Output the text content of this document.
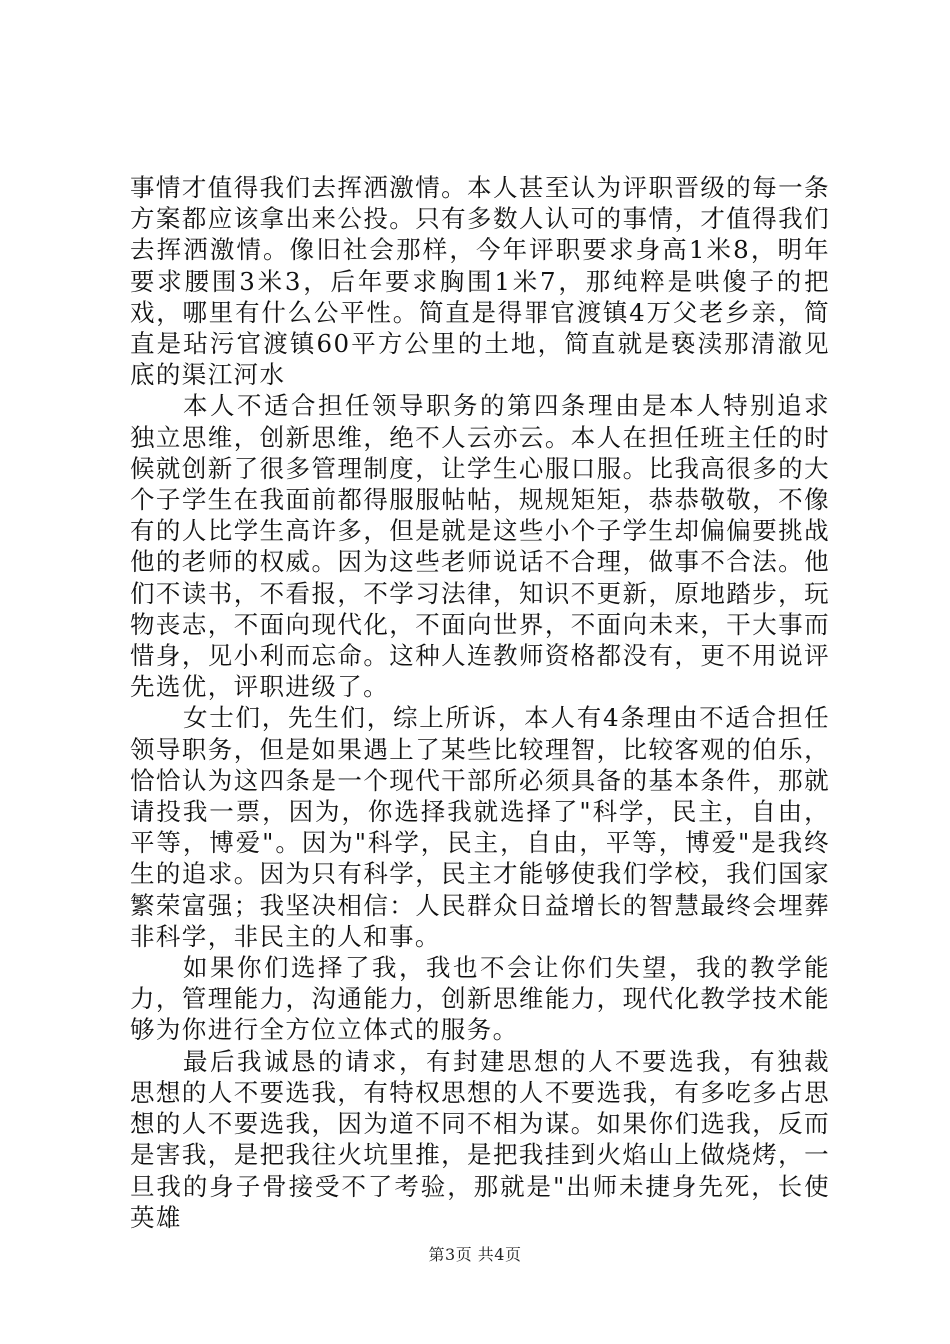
事情才值得我们去挥洒激情。本人甚至认为评职晋级的每一条方案都应该拿出来公投。只有多数人认可的事情，才值得我们去挥洒激情。像旧社会那样，今年评职要求身高1米8，明年要求腰围3米3，后年要求胸围1米7，那纯粹是哄傻子的把戏，哪里有什么公平性。简直是得罪官渡镇4万父老乡亲，简直是玷污官渡镇60平方公里的土地，简直就是亵渎那清澈见底的渠江河水

本人不适合担任领导职务的第四条理由是本人特别追求独立思维，创新思维，绝不人云亦云。本人在担任班主任的时候就创新了很多管理制度，让学生心服口服。比我高很多的大个子学生在我面前都得服服帖帖，规规矩矩，恭恭敬敬，不像有的人比学生高许多，但是就是这些小个子学生却偏偏要挑战他的老师的权威。因为这些老师说话不合理，做事不合法。他们不读书，不看报，不学习法律，知识不更新，原地踏步，玩物丧志，不面向现代化，不面向世界，不面向未来，干大事而惜身，见小利而忘命。这种人连教师资格都没有，更不用说评先选优，评职进级了。

女士们，先生们，综上所诉，本人有4条理由不适合担任领导职务，但是如果遇上了某些比较理智，比较客观的伯乐，恰恰认为这四条是一个现代干部所必须具备的基本条件，那就请投我一票，因为，你选择我就选择了"科学，民主，自由，平等，博爱"。因为"科学，民主，自由，平等，博爱"是我终生的追求。因为只有科学，民主才能够使我们学校，我们国家繁荣富强；我坚决相信：人民群众日益增长的智慧最终会埋葬非科学，非民主的人和事。

如果你们选择了我，我也不会让你们失望，我的教学能力，管理能力，沟通能力，创新思维能力，现代化教学技术能够为你进行全方位立体式的服务。

最后我诚恳的请求，有封建思想的人不要选我，有独裁思想的人不要选我，有特权思想的人不要选我，有多吃多占思想的人不要选我，因为道不同不相为谋。如果你们选我，反而是害我，是把我往火坑里推，是把我挂到火焰山上做烧烤，一旦我的身子骨接受不了考验，那就是"出师未捷身先死，长使英雄

第3页 共4页
